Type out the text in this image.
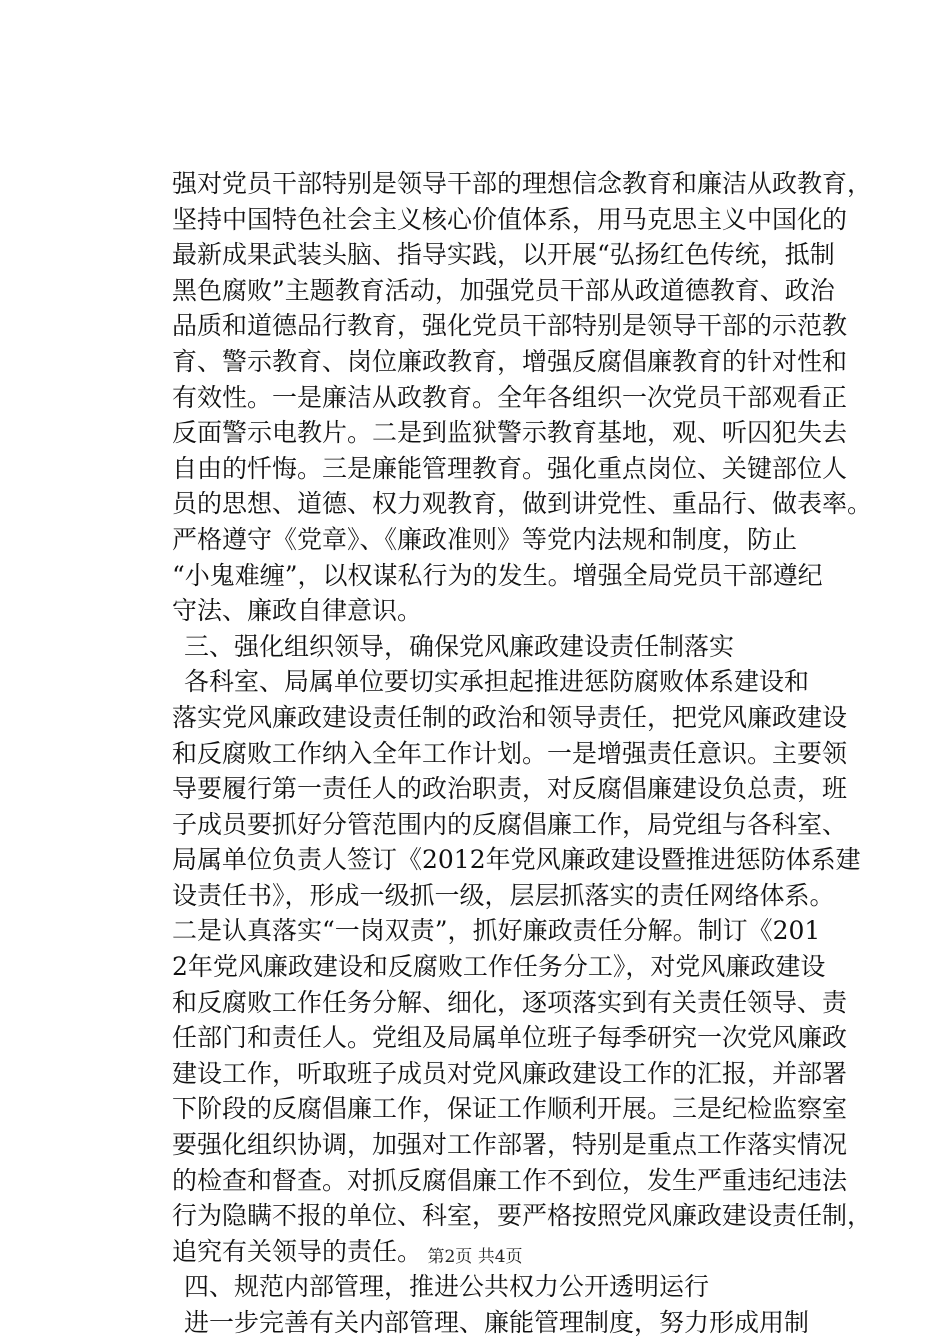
强对党员干部特别是领导干部的理想信念教育和廉洁从政教育，
坚持中国特色社会主义核心价值体系，用马克思主义中国化的
最新成果武装头脑、指导实践，以开展“弘扬红色传统，抵制
黑色腐败”主题教育活动，加强党员干部从政道德教育、政治
品质和道德品行教育，强化党员干部特别是领导干部的示范教
育、警示教育、岗位廉政教育，增强反腐倡廉教育的针对性和
有效性。一是廉洁从政教育。全年各组织一次党员干部观看正
反面警示电教片。二是到监狱警示教育基地，观、听囚犯失去
自由的忏悔。三是廉能管理教育。强化重点岗位、关键部位人
员的思想、道德、权力观教育，做到讲党性、重品行、做表率。
严格遵守《党章》、《廉政准则》等党内法规和制度，防止
“小鬼难缠”，以权谋私行为的发生。增强全局党员干部遵纪
守法、廉政自律意识。
三、强化组织领导，确保党风廉政建设责任制落实
各科室、局属单位要切实承担起推进惩防腐败体系建设和
落实党风廉政建设责任制的政治和领导责任，把党风廉政建设
和反腐败工作纳入全年工作计划。一是增强责任意识。主要领
导要履行第一责任人的政治职责，对反腐倡廉建设负总责，班
子成员要抓好分管范围内的反腐倡廉工作，局党组与各科室、
局属单位负责人签订《2012年党风廉政建设暨推进惩防体系建
设责任书》，形成一级抓一级，层层抓落实的责任网络体系。
二是认真落实“一岗双责”，抓好廉政责任分解。制订《201
2年党风廉政建设和反腐败工作任务分工》，对党风廉政建设
和反腐败工作任务分解、细化，逐项落实到有关责任领导、责
任部门和责任人。党组及局属单位班子每季研究一次党风廉政
建设工作，听取班子成员对党风廉政建设工作的汇报，并部署
下阶段的反腐倡廉工作，保证工作顺利开展。三是纪检监察室
要强化组织协调，加强对工作部署，特别是重点工作落实情况
的检查和督查。对抓反腐倡廉工作不到位，发生严重违纪违法
行为隐瞒不报的单位、科室，要严格按照党风廉政建设责任制，
追究有关领导的责任。
四、规范内部管理，推进公共权力公开透明运行
进一步完善有关内部管理、廉能管理制度，努力形成用制
第2页 共4页
